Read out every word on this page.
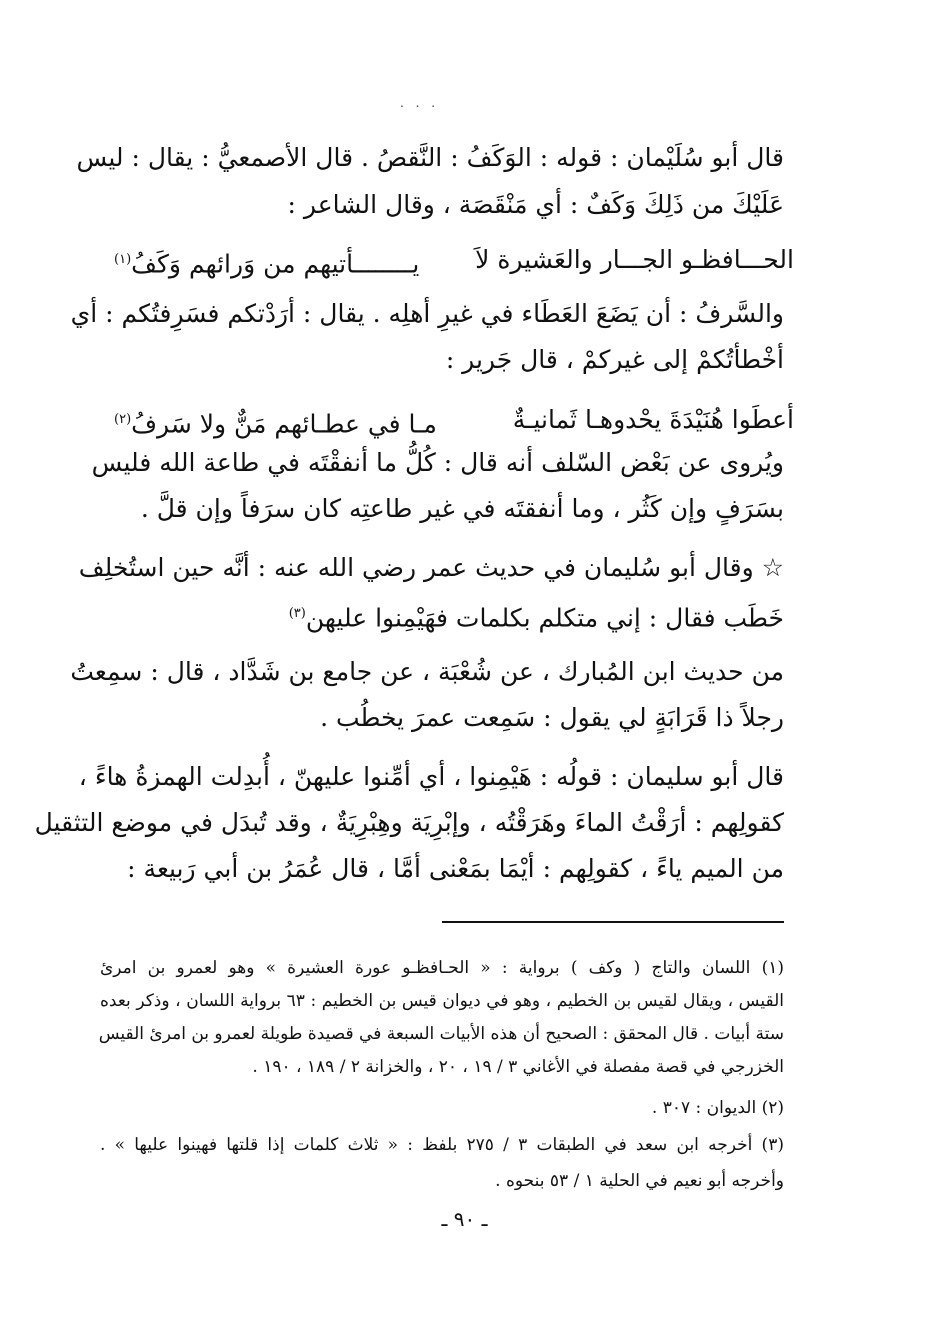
. . .
قال أبو سُلَيْمان : قوله : الوَكَفُ : النَّقصُ . قال الأصمعيُّ : يقال : ليس
عَلَيْكَ من ذَلِكَ وَكَفٌ : أي مَنْقَصَة ، وقال الشاعر :
الحـــافظـو الجـــار والعَشيرة لاَ
يــــــــأتيهم من وَرائهم وَكَفُ$^{(١)}$
والسَّرفُ : أن يَضَعَ العَطَاء في غيرِ أهلِه . يقال : أرَدْتكم فسَرِفتُكم : أي
أخْطأتُكمْ إلى غيركمْ ، قال جَرير :
أعطَوا هُنَيْدَةَ يحْدوهـا ثَمانيـةٌ
مـا في عطـائهم مَنٌّ ولا سَرفُ$^{(٢)}$
ويُروى عن بَعْض السّلف أنه قال : كُلُّ ما أنفقْتَه في طاعة الله فليس
بسَرَفٍ وإن كَثُر ، وما أنفقتَه في غير طاعتِه كان سرَفاً وإن قلَّ .
☆ وقال أبو سُليمان في حديث عمر رضي الله عنه : أنَّه حين استُخلِف
خَطَب فقال : إني متكلم بكلمات فهَيْمِنوا عليهن$^{(٣)}$
من حديث ابن المُبارك ، عن شُعْبَة ، عن جامع بن شَدَّاد ، قال : سمِعتُ
رجلاً ذا قَرَابَةٍ لي يقول : سَمِعت عمرَ يخطُب .
قال أبو سليمان : قولُه : هَيْمِنوا ، أي أمِّنوا عليهنّ ، أُبدِلت الهمزةُ هاءً ،
كقولِهم : أرَقْتُ الماءَ وهَرَقْتُه ، وإبْرِيَة وهِبْرِيَةٌ ، وقد تُبدَل في موضع التثقيل
من الميم ياءً ، كقولِهم : أيْمَا بمَعْنى أمَّا ، قال عُمَرُ بن أبي رَبيعة :
(١) اللسان والتاج ( وكف ) برواية : « الحـافظـو عورة العشيرة » وهو لعمرو بن امرئ
القيس ، ويقال لقيس بن الخطيم ، وهو في ديوان قيس بن الخطيم : ٦٣ برواية اللسان ، وذكر بعده
ستة أبيات . قال المحقق : الصحيح أن هذه الأبيات السبعة في قصيدة طويلة لعمرو بن امرئ القيس
الخزرجي في قصة مفصلة في الأغاني ٣ / ١٩ ، ٢٠ ، والخزانة ٢ / ١٨٩ ، ١٩٠ .
(٢) الديوان : ٣٠٧ .
(٣) أخرجه ابن سعد في الطبقات ٣ / ٢٧٥ بلفظ : « ثلاث كلمات إذا قلتها فهينوا عليها » .
وأخرجه أبو نعيم في الحلية ١ / ٥٣ بنحوه .
ـ ٩٠ ـ
